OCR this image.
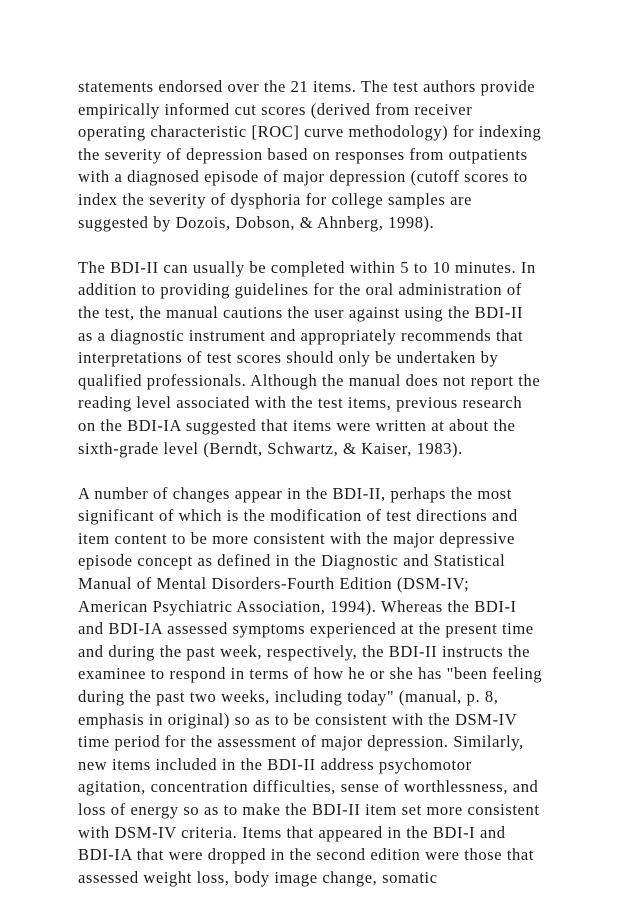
statements endorsed over the 21 items. The test authors provide
empirically informed cut scores (derived from receiver
operating characteristic [ROC] curve methodology) for indexing
the severity of depression based on responses from outpatients
with a diagnosed episode of major depression (cutoff scores to
index the severity of dysphoria for college samples are
suggested by Dozois, Dobson, & Ahnberg, 1998).

The BDI-II can usually be completed within 5 to 10 minutes. In
addition to providing guidelines for the oral administration of
the test, the manual cautions the user against using the BDI-II
as a diagnostic instrument and appropriately recommends that
interpretations of test scores should only be undertaken by
qualified professionals. Although the manual does not report the
reading level associated with the test items, previous research
on the BDI-IA suggested that items were written at about the
sixth-grade level (Berndt, Schwartz, & Kaiser, 1983).

A number of changes appear in the BDI-II, perhaps the most
significant of which is the modification of test directions and
item content to be more consistent with the major depressive
episode concept as defined in the Diagnostic and Statistical
Manual of Mental Disorders-Fourth Edition (DSM-IV;
American Psychiatric Association, 1994). Whereas the BDI-I
and BDI-IA assessed symptoms experienced at the present time
and during the past week, respectively, the BDI-II instructs the
examinee to respond in terms of how he or she has "been feeling
during the past two weeks, including today" (manual, p. 8,
emphasis in original) so as to be consistent with the DSM-IV
time period for the assessment of major depression. Similarly,
new items included in the BDI-II address psychomotor
agitation, concentration difficulties, sense of worthlessness, and
loss of energy so as to make the BDI-II item set more consistent
with DSM-IV criteria. Items that appeared in the BDI-I and
BDI-IA that were dropped in the second edition were those that
assessed weight loss, body image change, somatic
